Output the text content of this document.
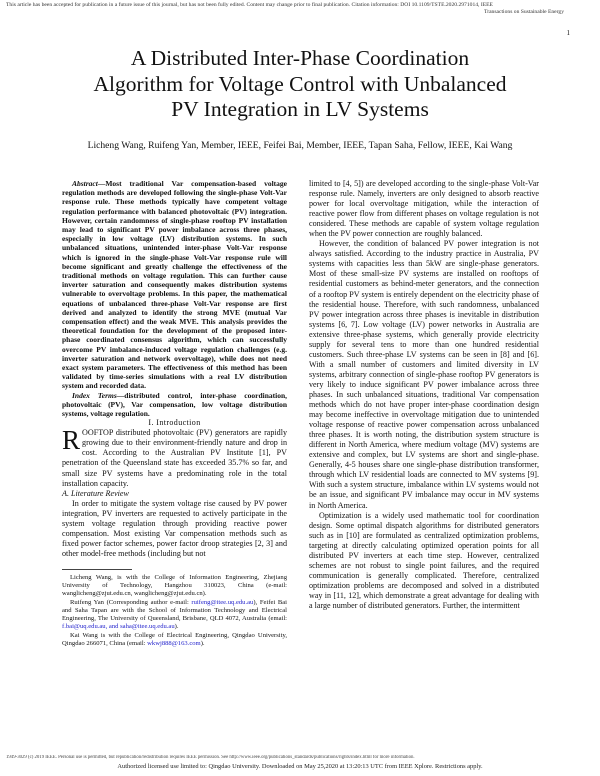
This article has been accepted for publication in a future issue of this journal, but has not been fully edited. Content may change prior to final publication. Citation information: DOI 10.1109/TSTE.2020.2971014, IEEE
Transactions on Sustainable Energy
1
A Distributed Inter-Phase Coordination
Algorithm for Voltage Control with Unbalanced
PV Integration in LV Systems
Licheng Wang, Ruifeng Yan, Member, IEEE, Feifei Bai, Member, IEEE, Tapan Saha, Fellow, IEEE, Kai Wang

Abstract—Most traditional Var compensation-based voltage regulation methods are developed following the single-phase Volt-Var response rule. These methods typically have competent voltage regulation performance with balanced photovoltaic (PV) integration. However, certain randomness of single-phase rooftop PV installation may lead to significant PV power imbalance across three phases, especially in low voltage (LV) distribution systems. In such unbalanced situations, unintended inter-phase Volt-Var response which is ignored in the single-phase Volt-Var response rule will become significant and greatly challenge the effectiveness of the traditional methods on voltage regulation. This can further cause inverter saturation and consequently makes distribution systems vulnerable to overvoltage problems. In this paper, the mathematical equations of unbalanced three-phase Volt-Var response are first derived and analyzed to identify the strong MVE (mutual Var compensation effect) and the weak MVE. This analysis provides the theoretical foundation for the development of the proposed inter-phase coordinated consensus algorithm, which can successfully overcome PV imbalance-induced voltage regulation challenges (e.g. inverter saturation and network overvoltage), while does not need exact system parameters. The effectiveness of this method has been validated by time-series simulations with a real LV distribution system and recorded data.

Index Terms—distributed control, inter-phase coordination, photovoltaic (PV), Var compensation, low voltage distribution systems, voltage regulation.

I. Introduction

ROOFTOP distributed photovoltaic (PV) generators are rapidly growing due to their environment-friendly nature and drop in cost. According to the Australian PV Institute [1], PV penetration of the Queensland state has exceeded 35.7% so far, and small size PV systems have a predominating role in the total installation capacity.

A. Literature Review

In order to mitigate the system voltage rise caused by PV power integration, PV inverters are requested to actively participate in the system voltage regulation through providing reactive power compensation. Most existing Var compensation methods such as fixed power factor schemes, power factor droop strategies [2, 3] and other model-free methods (including but not

Licheng Wang, is with the College of Information Engineering, Zhejiang University of Technology, Hangzhou 310023, China (e-mail: wanglicheng@zjut.edu.cn, wanglicheng@zjut.edu.cn).

Ruifeng Yan (Corresponding author e-mail: ruifeng@itee.uq.edu.au), Feifei Bai and Saha Tapan are with the School of Information Technology and Electrical Engineering, The University of Queensland, Brisbane, QLD 4072, Australia (email: f.bai@uq.edu.au, and saha@itee.uq.edu.au).

Kai Wang is with the College of Electrical Engineering, Qingdao University, Qingdao 266071, China (email: wkwj888@163.com).

limited to [4, 5]) are developed according to the single-phase Volt-Var response rule. Namely, inverters are only designed to absorb reactive power for local overvoltage mitigation, while the interaction of reactive power flow from different phases on voltage regulation is not considered. These methods are capable of system voltage regulation when the PV power connection are roughly balanced.

However, the condition of balanced PV power integration is not always satisfied. According to the industry practice in Australia, PV systems with capacities less than 5kW are single-phase generators. Most of these small-size PV systems are installed on rooftops of residential customers as behind-meter generators, and the connection of a rooftop PV system is entirely dependent on the electricity phase of the residential house. Therefore, with such randomness, unbalanced PV power integration across three phases is inevitable in distribution systems [6, 7]. Low voltage (LV) power networks in Australia are extensive three-phase systems, which generally provide electricity supply for several tens to more than one hundred residential customers. Such three-phase LV systems can be seen in [8] and [6]. With a small number of customers and limited diversity in LV systems, arbitrary connection of single-phase rooftop PV generators is very likely to induce significant PV power imbalance across three phases. In such unbalanced situations, traditional Var compensation methods which do not have proper inter-phase coordination design may become ineffective in overvoltage mitigation due to unintended voltage response of reactive power compensation across unbalanced three phases. It is worth noting, the distribution system structure is different in North America, where medium voltage (MV) systems are extensive and complex, but LV systems are short and single-phase. Generally, 4-5 houses share one single-phase distribution transformer, through which LV residential loads are connected to MV systems [9]. With such a system structure, imbalance within LV systems would not be an issue, and significant PV imbalance may occur in MV systems in North America.

Optimization is a widely used mathematic tool for coordination design. Some optimal dispatch algorithms for distributed generators such as in [10] are formulated as centralized optimization problems, targeting at directly calculating optimized operation points for all distributed PV inverters at each time step. However, centralized schemes are not robust to single point failures, and the required communication is generally complicated. Therefore, centralized optimization problems are decomposed and solved in a distributed way in [11, 12], which demonstrate a great advantage for dealing with a large number of distributed generators. Further, the intermittent

1949-3029 (c) 2019 IEEE. Personal use is permitted, but republication/redistribution requires IEEE permission. See http://www.ieee.org/publications_standards/publications/rights/index.html for more information.
Authorized licensed use limited to: Qingdao University. Downloaded on May 25,2020 at 13:20:13 UTC from IEEE Xplore. Restrictions apply.
